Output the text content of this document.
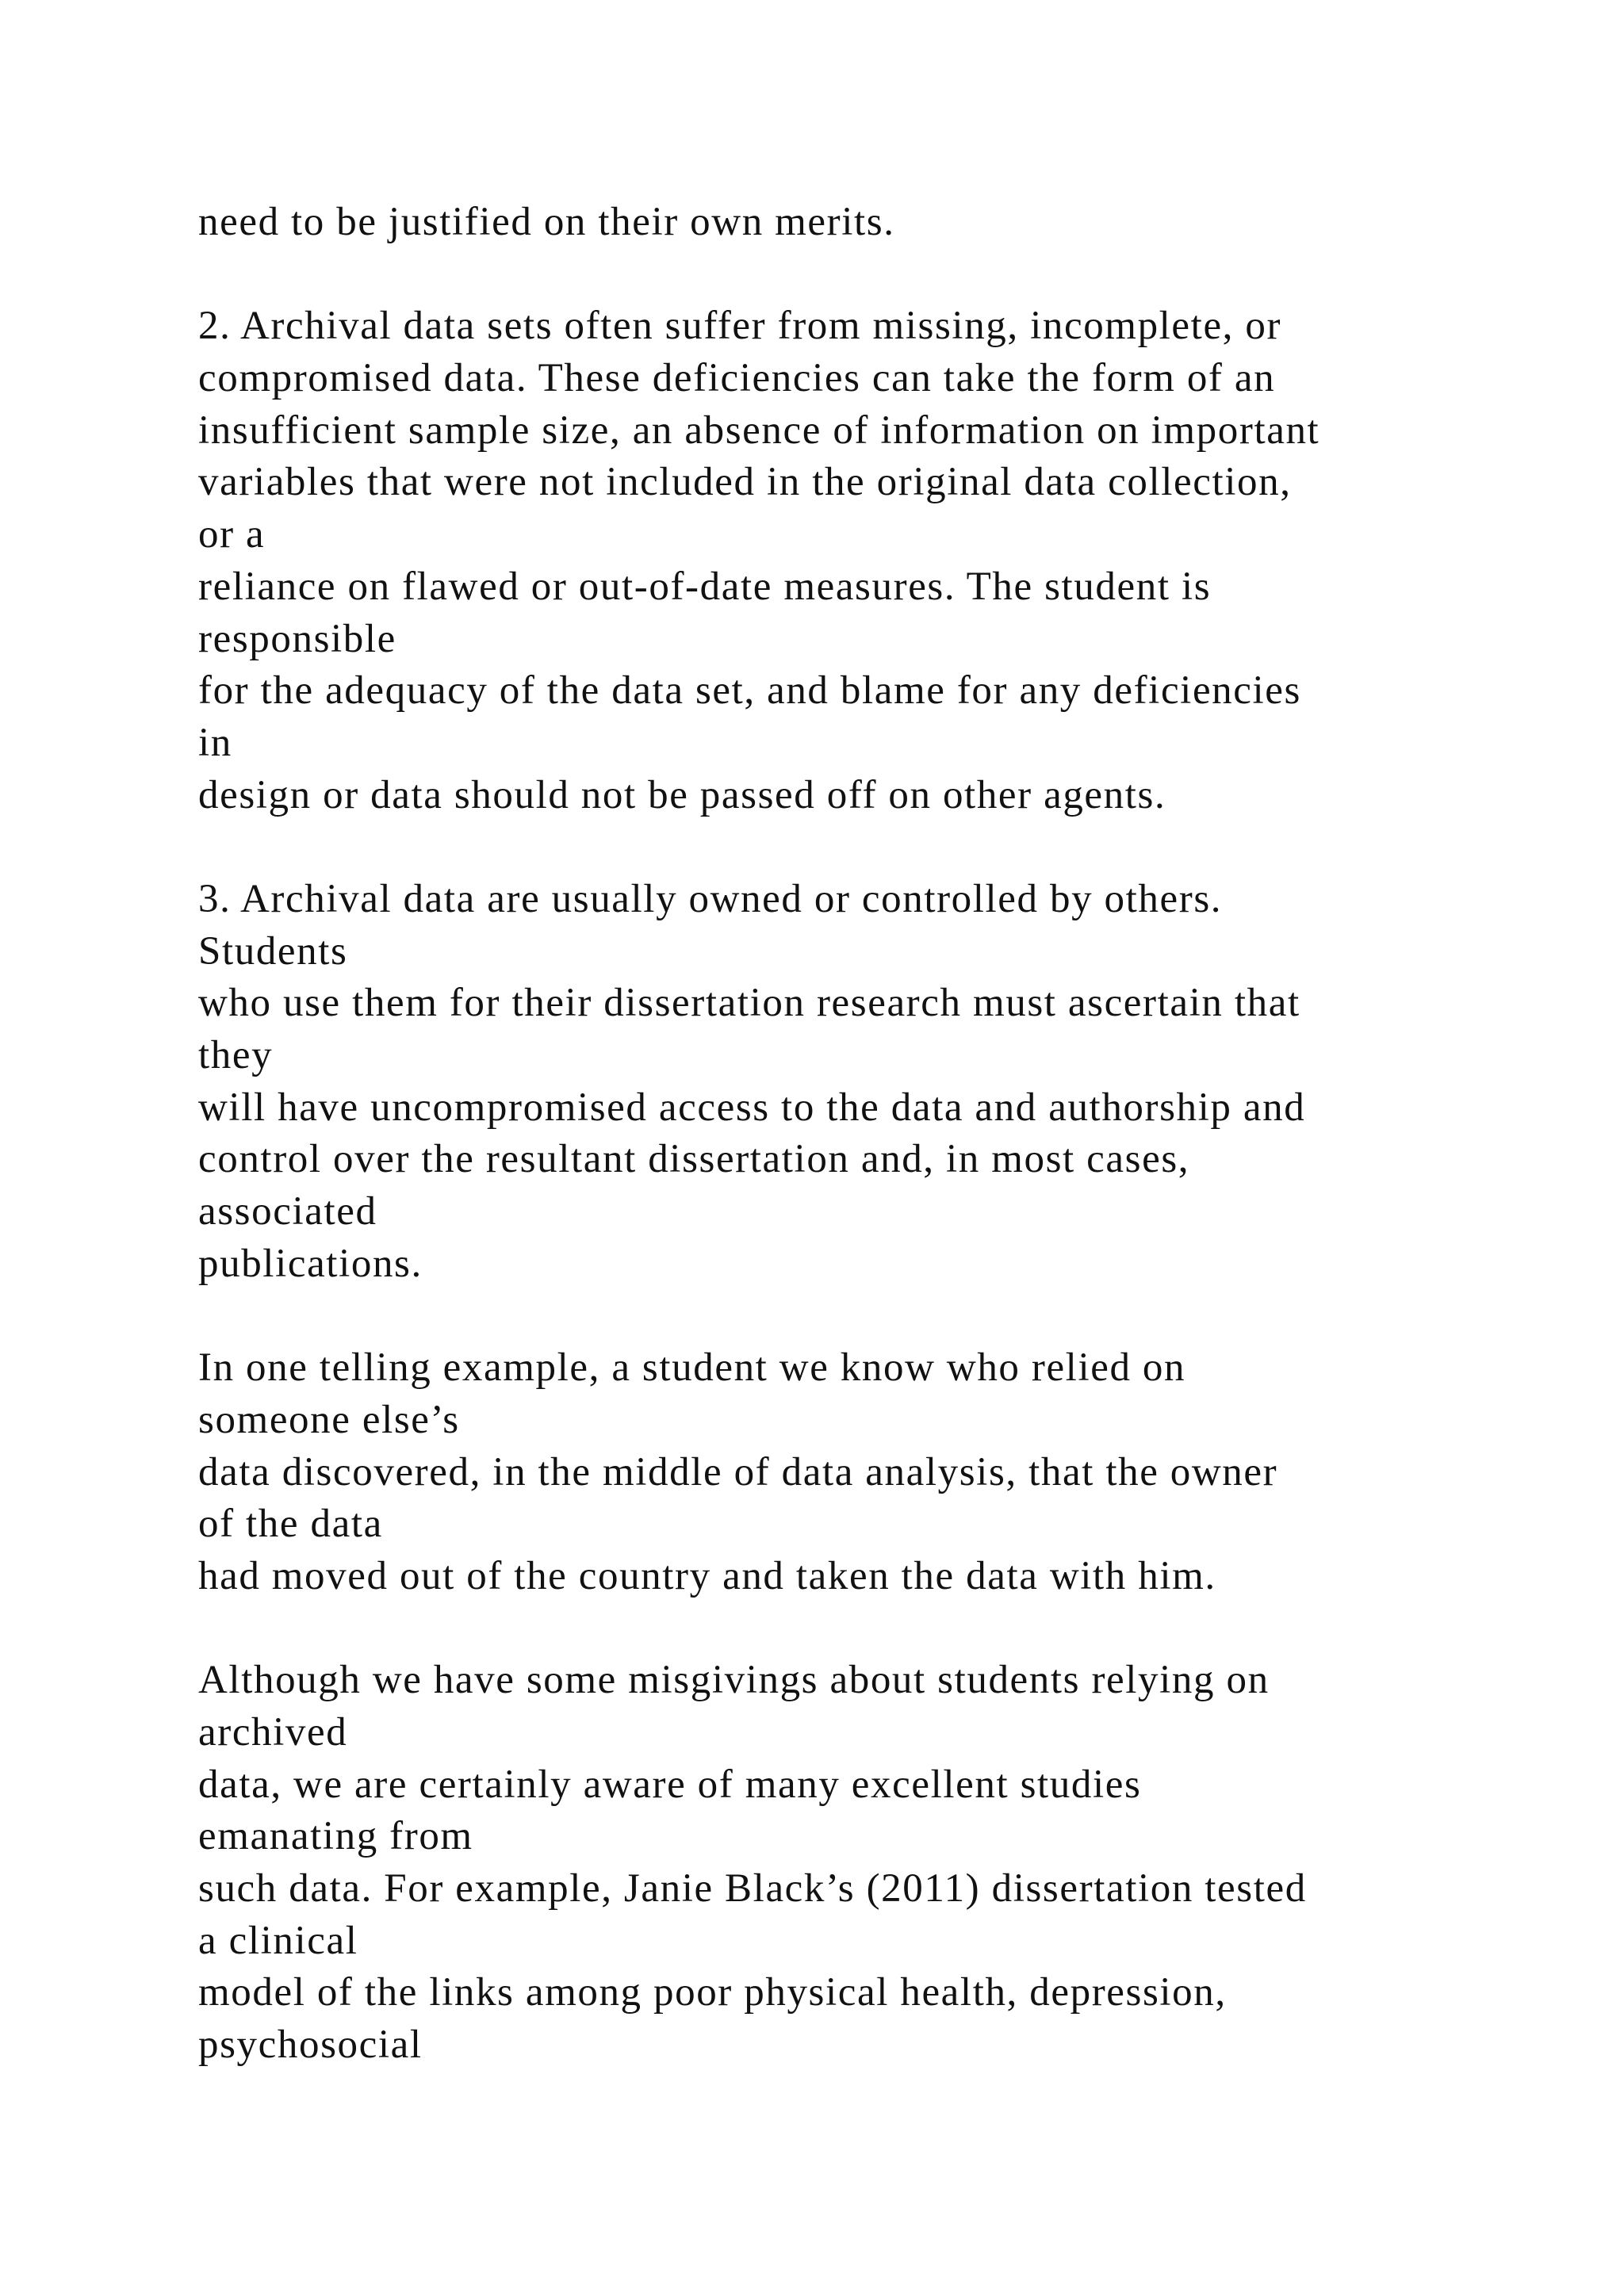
need to be justified on their own merits.
2. Archival data sets often suffer from missing, incomplete, or
compromised data. These deficiencies can take the form of an
insufficient sample size, an absence of information on important
variables that were not included in the original data collection,
or a
reliance on flawed or out-of-date measures. The student is
responsible
for the adequacy of the data set, and blame for any deficiencies
in
design or data should not be passed off on other agents.
3. Archival data are usually owned or controlled by others.
Students
who use them for their dissertation research must ascertain that
they
will have uncompromised access to the data and authorship and
control over the resultant dissertation and, in most cases,
associated
publications.
In one telling example, a student we know who relied on
someone else’s
data discovered, in the middle of data analysis, that the owner
of the data
had moved out of the country and taken the data with him.
Although we have some misgivings about students relying on
archived
data, we are certainly aware of many excellent studies
emanating from
such data. For example, Janie Black’s (2011) dissertation tested
a clinical
model of the links among poor physical health, depression,
psychosocial
